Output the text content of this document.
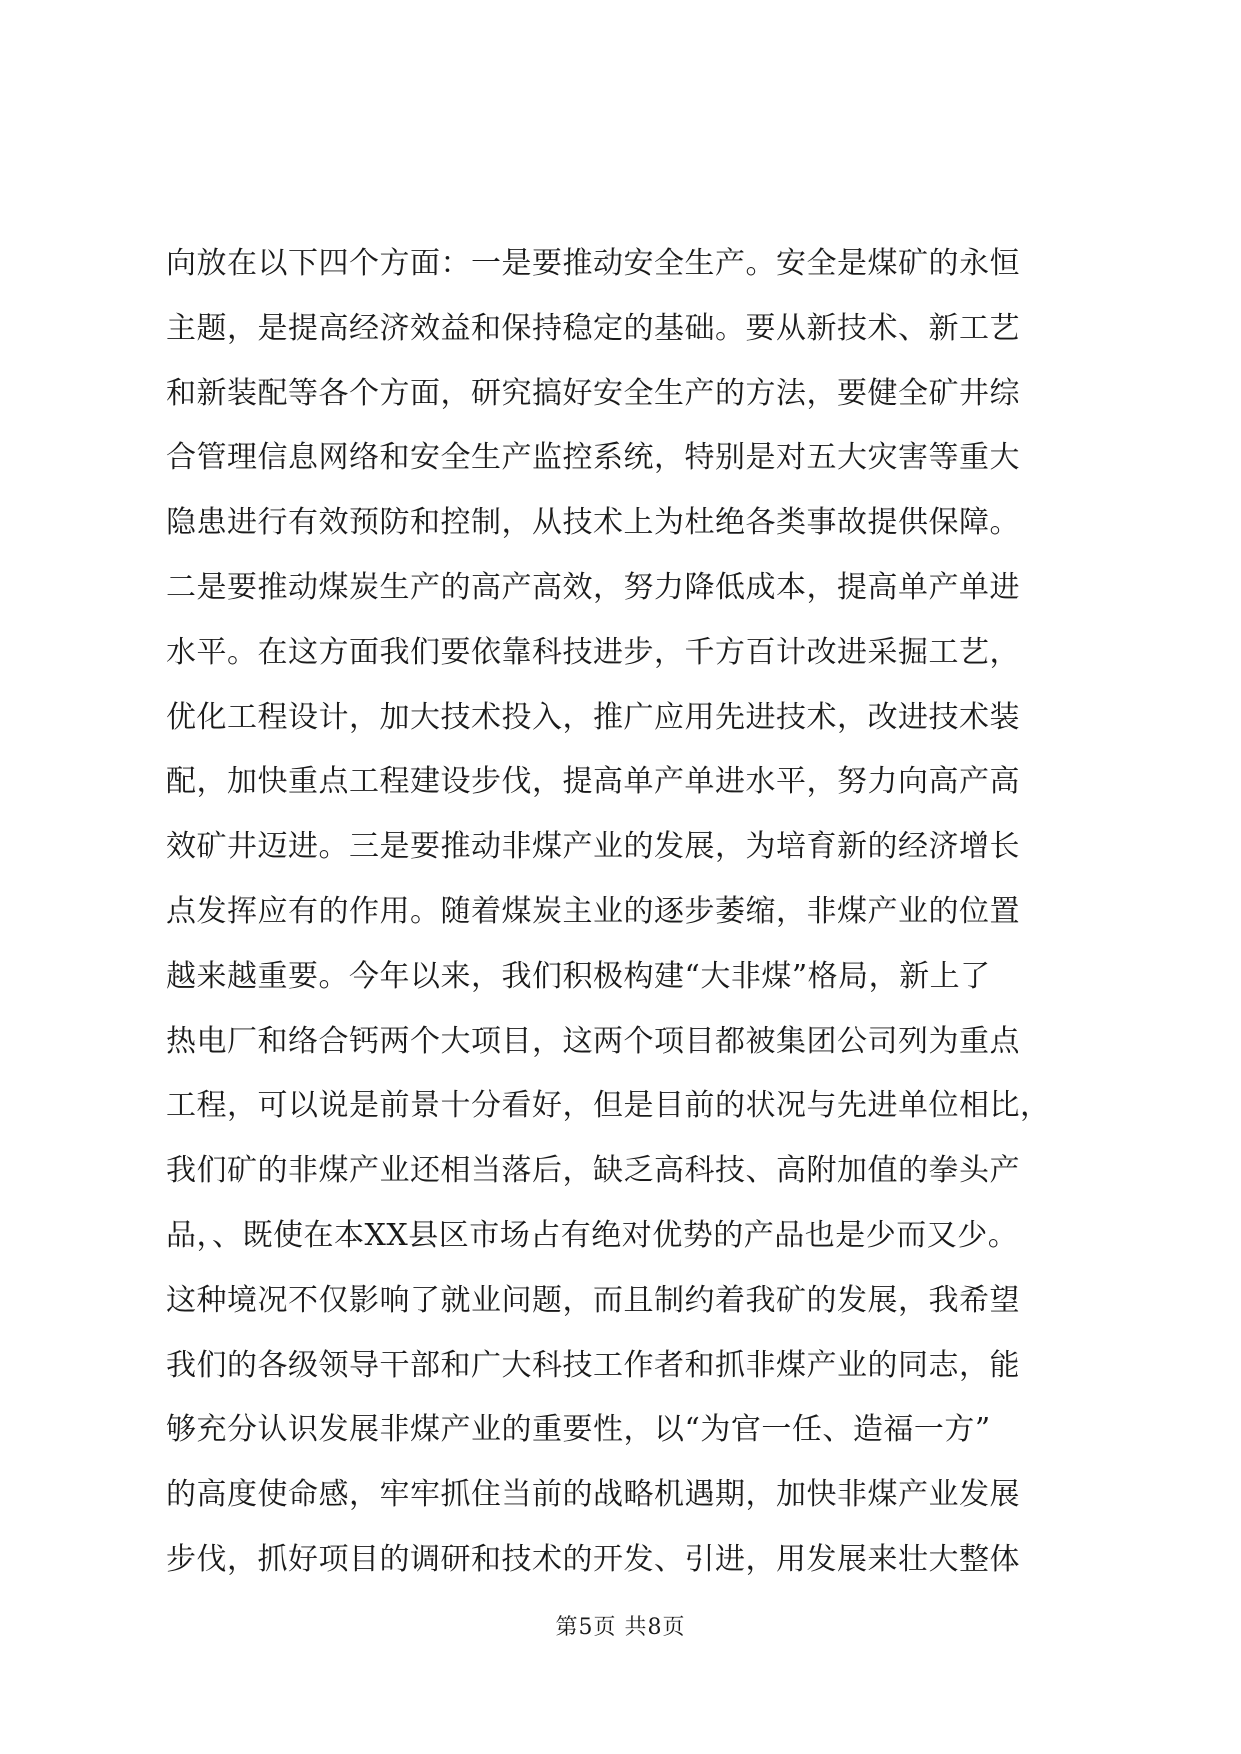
向放在以下四个方面：一是要推动安全生产。安全是煤矿的永恒
主题，是提高经济效益和保持稳定的基础。要从新技术、新工艺
和新装配等各个方面，研究搞好安全生产的方法，要健全矿井综
合管理信息网络和安全生产监控系统，特别是对五大灾害等重大
隐患进行有效预防和控制，从技术上为杜绝各类事故提供保障。
二是要推动煤炭生产的高产高效，努力降低成本，提高单产单进
水平。在这方面我们要依靠科技进步，千方百计改进采掘工艺，
优化工程设计，加大技术投入，推广应用先进技术，改进技术装
配，加快重点工程建设步伐，提高单产单进水平，努力向高产高
效矿井迈进。三是要推动非煤产业的发展，为培育新的经济增长
点发挥应有的作用。随着煤炭主业的逐步萎缩，非煤产业的位置
越来越重要。今年以来，我们积极构建“大非煤”格局，新上了
热电厂和络合钙两个大项目，这两个项目都被集团公司列为重点
工程，可以说是前景十分看好，但是目前的状况与先进单位相比，
我们矿的非煤产业还相当落后，缺乏高科技、高附加值的拳头产
品，、既使在本XX县区市场占有绝对优势的产品也是少而又少。
这种境况不仅影响了就业问题，而且制约着我矿的发展，我希望
我们的各级领导干部和广大科技工作者和抓非煤产业的同志，能
够充分认识发展非煤产业的重要性，以“为官一任、造福一方”
的高度使命感，牢牢抓住当前的战略机遇期，加快非煤产业发展
步伐，抓好项目的调研和技术的开发、引进，用发展来壮大整体
第5页 共8页
